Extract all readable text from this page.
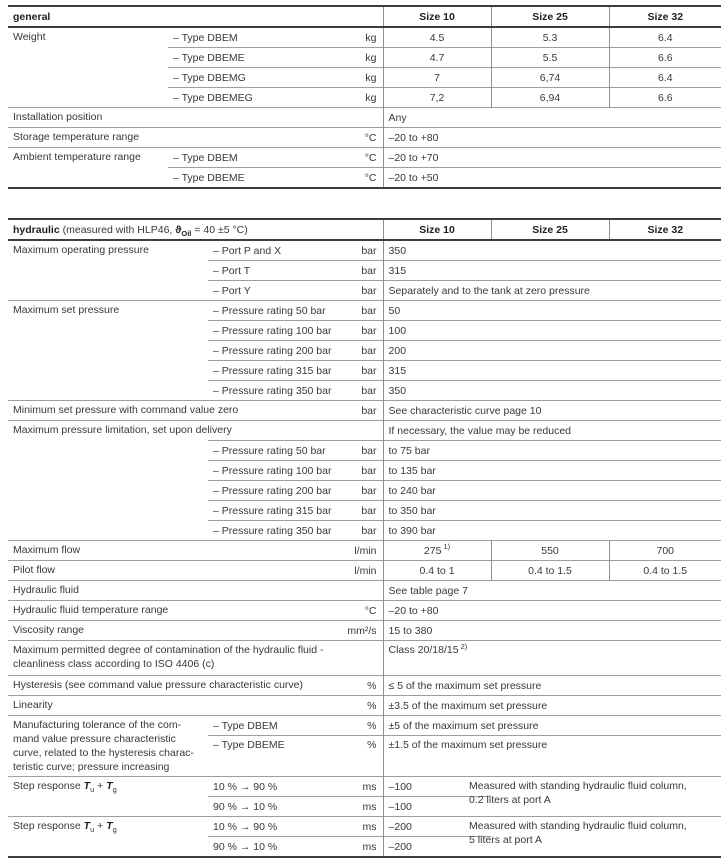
general			Size 10	Size 25	Size 32
Weight	– Type DBEM	kg	4.5	5.3	6.4
	– Type DBEME	kg	4.7	5.5	6.6
	– Type DBEMG	kg	7	6,74	6.4
	– Type DBEMEG	kg	7,2	6,94	6.6
Installation position			Any		
Storage temperature range		°C	–20 to +80		
Ambient temperature range	– Type DBEM	°C	–20 to +70		
	– Type DBEME	°C	–20 to +50		
hydraulic (measured with HLP46, $ϑ_{Oil} = 40 \pm 5$ °C)			Size 10	Size 25	Size 32
Maximum operating pressure	– Port P and X	bar	350		
	– Port T	bar	315		
	– Port Y	bar	Separately and to the tank at zero pressure		
Maximum set pressure	– Pressure rating 50 bar	bar	50		
	– Pressure rating 100 bar	bar	100		
	– Pressure rating 200 bar	bar	200		
	– Pressure rating 315 bar	bar	315		
	– Pressure rating 350 bar	bar	350		
Minimum set pressure with command value zero		bar	See characteristic curve page 10		
Maximum pressure limitation, set upon delivery			If necessary, the value may be reduced		
	– Pressure rating 50 bar	bar	to 75 bar		
	– Pressure rating 100 bar	bar	to 135 bar		
	– Pressure rating 200 bar	bar	to 240 bar		
	– Pressure rating 315 bar	bar	to 350 bar		
	– Pressure rating 350 bar	bar	to 390 bar		
Maximum flow		l/min	275 $^{1)}$	550	700
Pilot flow		l/min	0.4 to 1	0.4 to 1.5	0.4 to 1.5
Hydraulic fluid			See table page 7		
Hydraulic fluid temperature range		°C	–20 to +80		
Viscosity range		mm²/s	15 to 380		
Maximum permitted degree of contamination of the hydraulic fluid -
cleanliness class according to ISO 4406 (c)			Class 20/18/15 $^{2)}$
Hysteresis (see command value pressure characteristic curve)		%	≤ 5 of the maximum set pressure		
Linearity		%	±3.5 of the maximum set pressure		
Manufacturing tolerance of the com-
mand value pressure characteristic
curve, related to the hysteresis charac-
teristic curve; pressure increasing	– Type DBEM	%	±5 of the maximum set pressure		
	– Type DBEME	%	±1.5 of the maximum set pressure		
Step response $T_u + T_g$	10 % → 90 %	ms	–100	Measured with standing hydraulic fluid column,
0.2 liters at port A	

	90 % → 10 %	ms	–100		
Step response $T_u + T_g$	10 % → 90 %	ms	–200	Measured with standing hydraulic fluid column,
5 liters at port A	

	90 % → 10 %	ms	–200		
